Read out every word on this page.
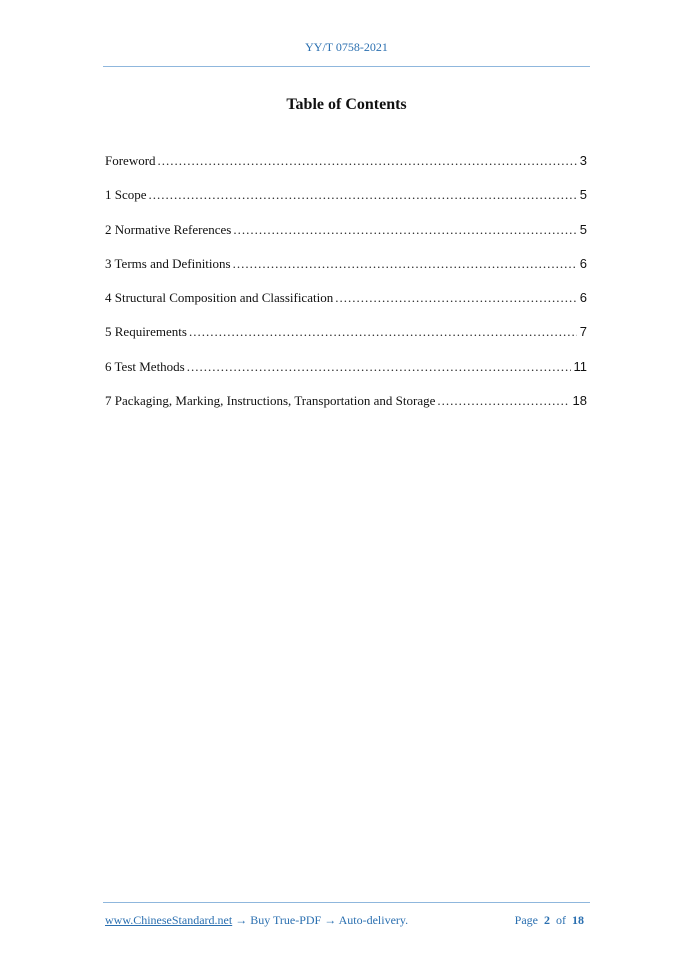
YY/T 0758-2021
Table of Contents
Foreword .....	3
1 Scope .....	5
2 Normative References .....	5
3 Terms and Definitions .....	6
4 Structural Composition and Classification .....	6
5 Requirements .....	7
6 Test Methods .....	11
7 Packaging, Marking, Instructions, Transportation and Storage .....	18
www.ChineseStandard.net → Buy True-PDF → Auto-delivery.	Page 2 of 18
